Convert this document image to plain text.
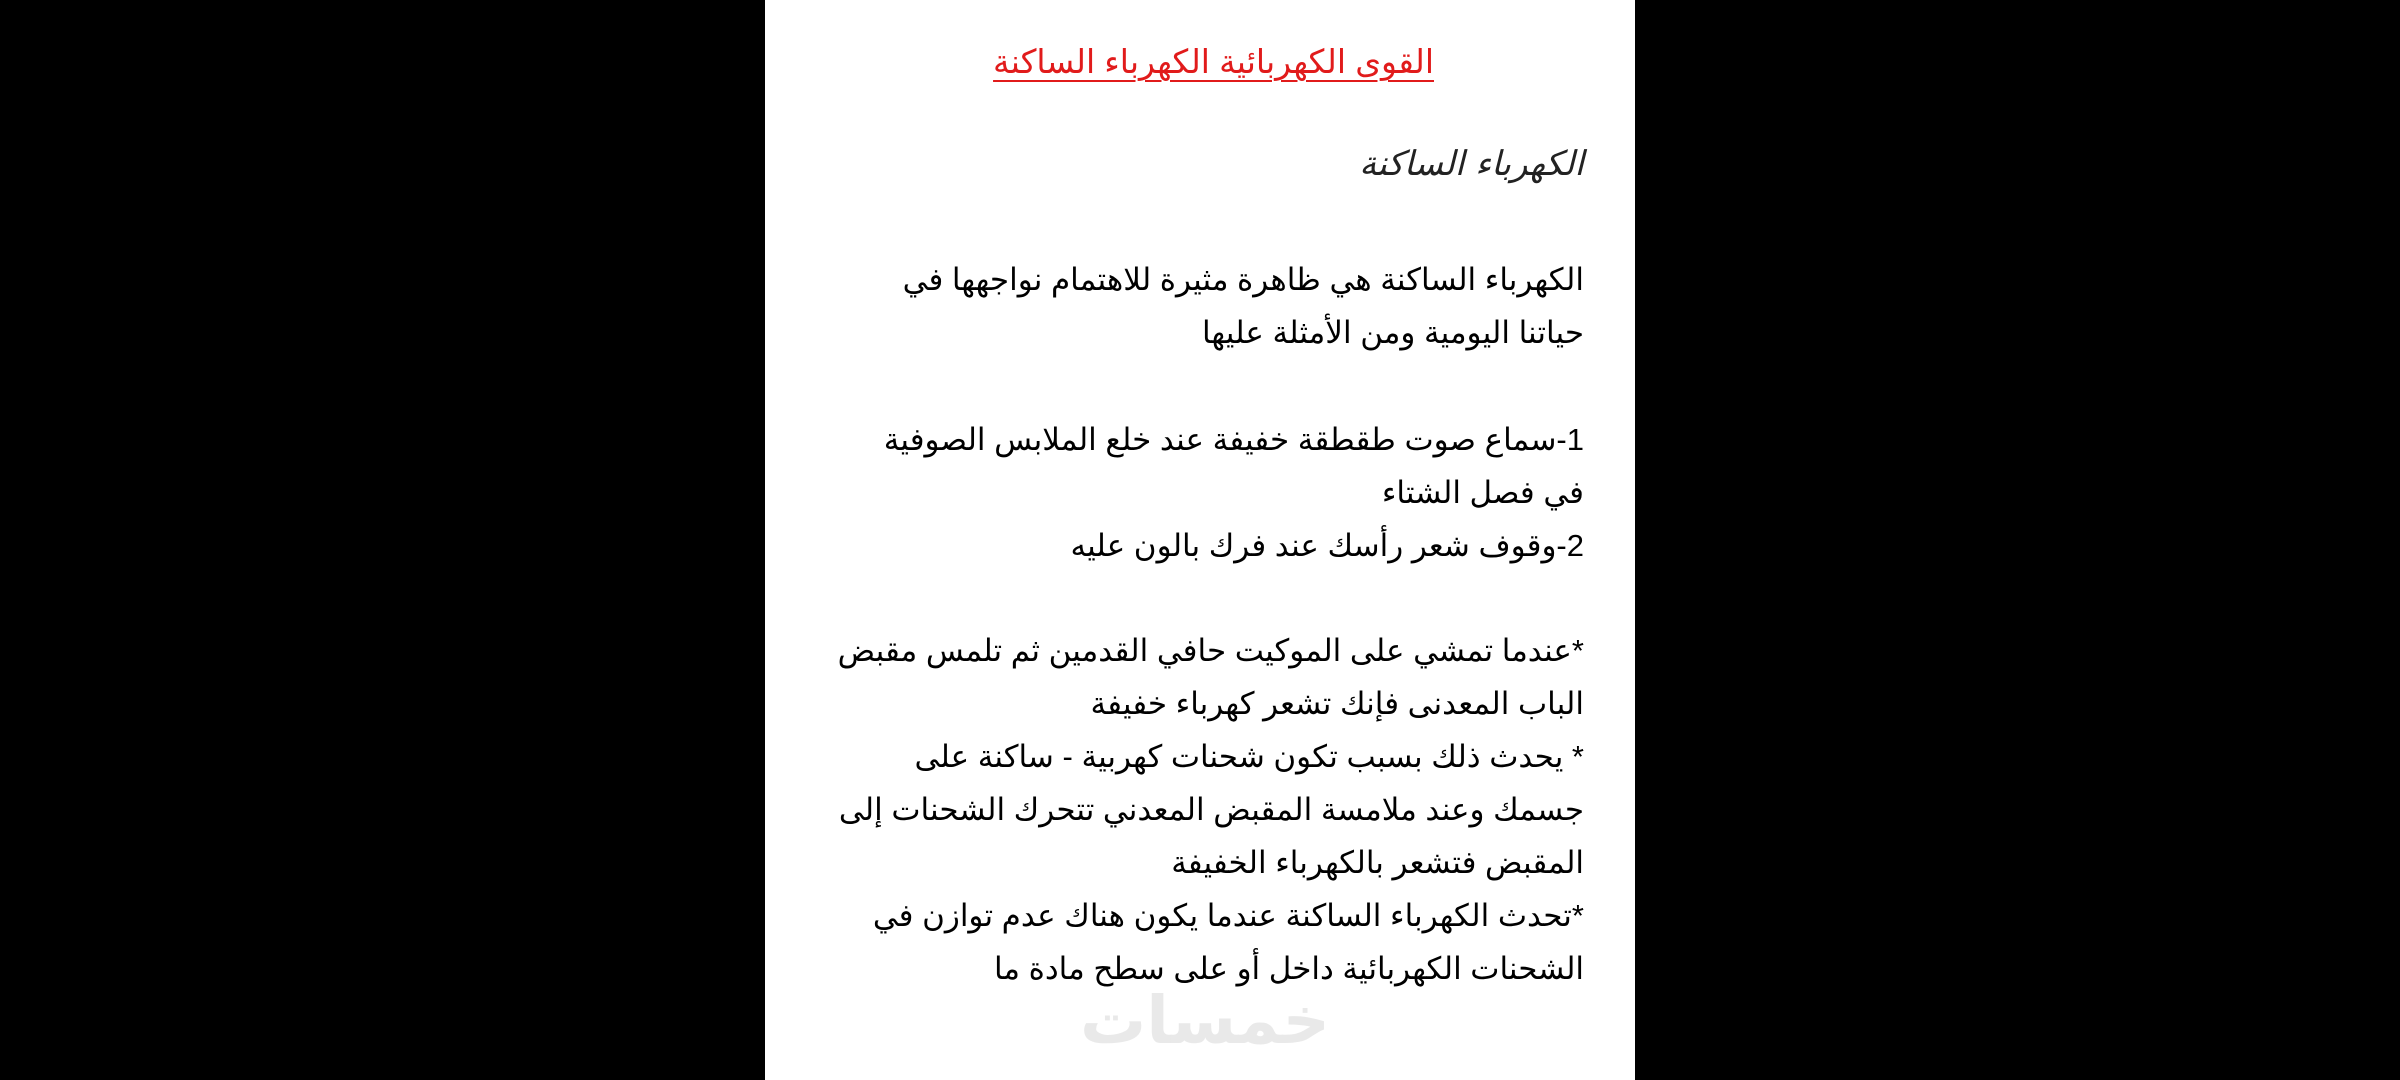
القوى الكهربائية الكهرباء الساكنة
الكهرباء الساكنة
الكهرباء الساكنة هي ظاهرة مثيرة للاهتمام نواجهها في
حياتنا اليومية ومن الأمثلة عليها
1-سماع صوت طقطقة خفيفة عند خلع الملابس الصوفية
في فصل الشتاء
2-وقوف شعر رأسك عند فرك بالون عليه
*عندما تمشي على الموكيت حافي القدمين ثم تلمس مقبض
الباب المعدنى فإنك تشعر كهرباء خفيفة
* يحدث ذلك بسبب تكون شحنات كهربية - ساكنة على
جسمك وعند ملامسة المقبض المعدني تتحرك الشحنات إلى
المقبض فتشعر بالكهرباء الخفيفة
*تحدث الكهرباء الساكنة عندما يكون هناك عدم توازن في
الشحنات الكهربائية داخل أو على سطح مادة ما
خمسات
